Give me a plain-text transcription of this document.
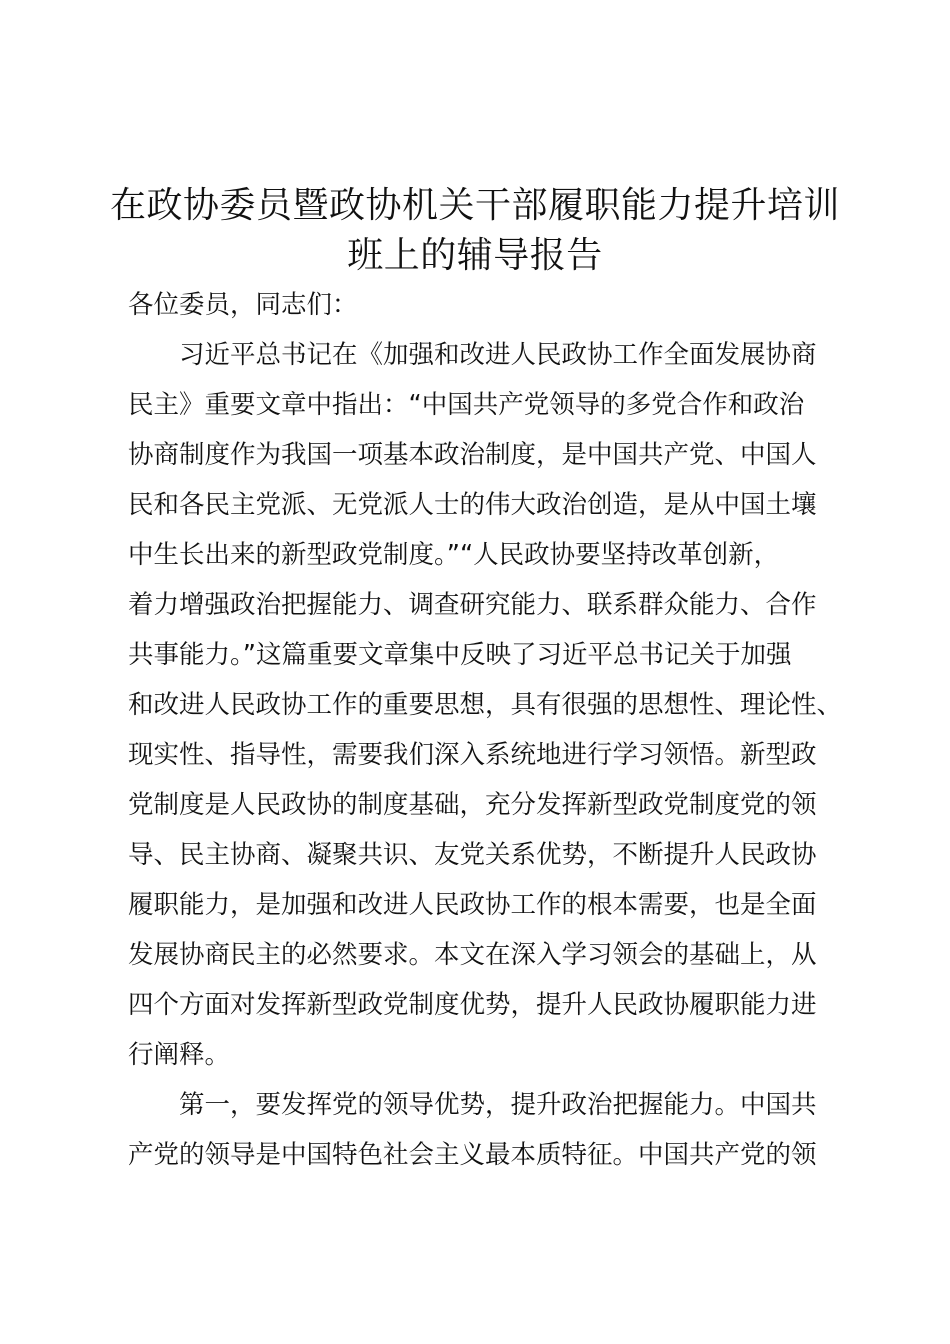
在政协委员暨政协机关干部履职能力提升培训
班上的辅导报告
各位委员，同志们：
习近平总书记在《加强和改进人民政协工作全面发展协商
民主》重要文章中指出：“中国共产党领导的多党合作和政治
协商制度作为我国一项基本政治制度，是中国共产党、中国人
民和各民主党派、无党派人士的伟大政治创造，是从中国土壤
中生长出来的新型政党制度。”“人民政协要坚持改革创新，
着力增强政治把握能力、调查研究能力、联系群众能力、合作
共事能力。”这篇重要文章集中反映了习近平总书记关于加强
和改进人民政协工作的重要思想，具有很强的思想性、理论性、
现实性、指导性，需要我们深入系统地进行学习领悟。新型政
党制度是人民政协的制度基础，充分发挥新型政党制度党的领
导、民主协商、凝聚共识、友党关系优势，不断提升人民政协
履职能力，是加强和改进人民政协工作的根本需要，也是全面
发展协商民主的必然要求。本文在深入学习领会的基础上，从
四个方面对发挥新型政党制度优势，提升人民政协履职能力进
行阐释。
第一，要发挥党的领导优势，提升政治把握能力。中国共
产党的领导是中国特色社会主义最本质特征。中国共产党的领
